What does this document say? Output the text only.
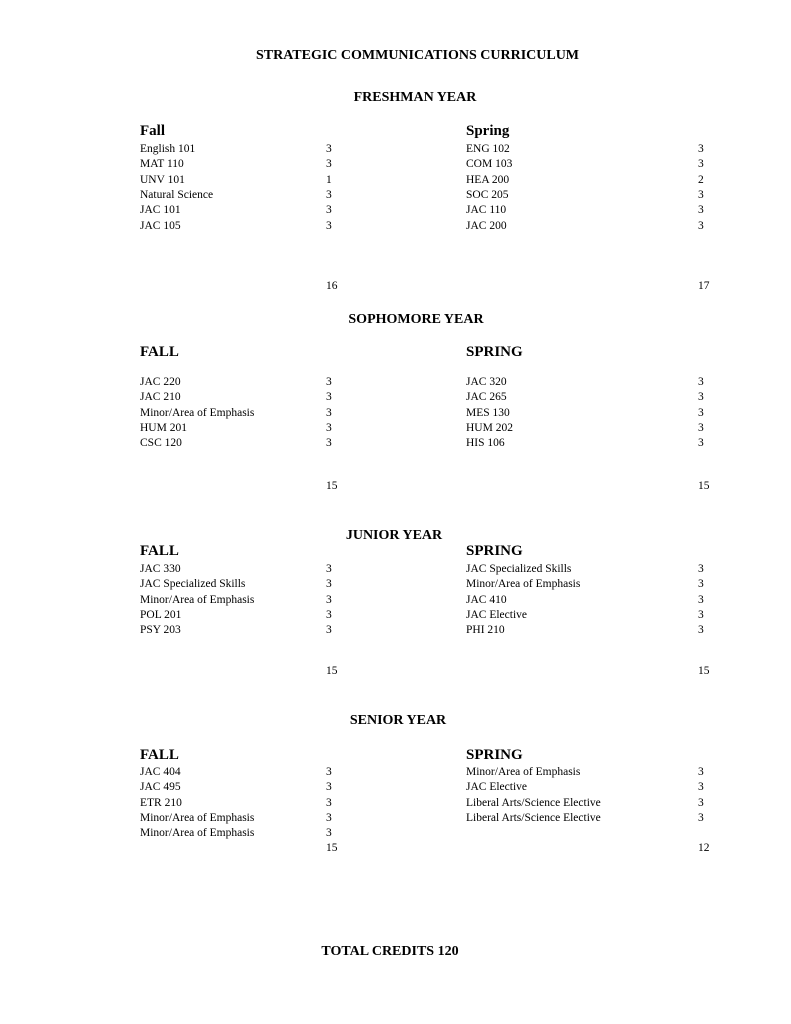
STRATEGIC COMMUNICATIONS CURRICULUM
TOTAL CREDITS 120
FRESHMAN YEAR
Fall
English 101	3
MAT 110	3
UNV 101	1
Natural Science	3
JAC 101	3
JAC 105	3
16
Spring
ENG 102	3
COM 103	3
HEA 200	2
SOC 205	3
JAC 110	3
JAC 200	3
17
SOPHOMORE YEAR
FALL
JAC 220	3
JAC 210	3
Minor/Area of Emphasis	3
HUM 201	3
CSC 120	3
15
SPRING
JAC 320	3
JAC 265	3
MES 130	3
HUM 202	3
HIS 106	3
15
JUNIOR YEAR
FALL
JAC 330	3
JAC Specialized Skills	3
Minor/Area of Emphasis	3
POL 201	3
PSY 203	3
15
SPRING
JAC Specialized Skills	3
Minor/Area of Emphasis	3
JAC 410	3
JAC Elective	3
PHI 210	3
15
SENIOR YEAR
FALL
JAC 404	3
JAC 495	3
ETR 210	3
Minor/Area of Emphasis	3
Minor/Area of Emphasis	3
15
SPRING
Minor/Area of Emphasis	3
JAC Elective	3
Liberal Arts/Science Elective	3
Liberal Arts/Science Elective	3
12
